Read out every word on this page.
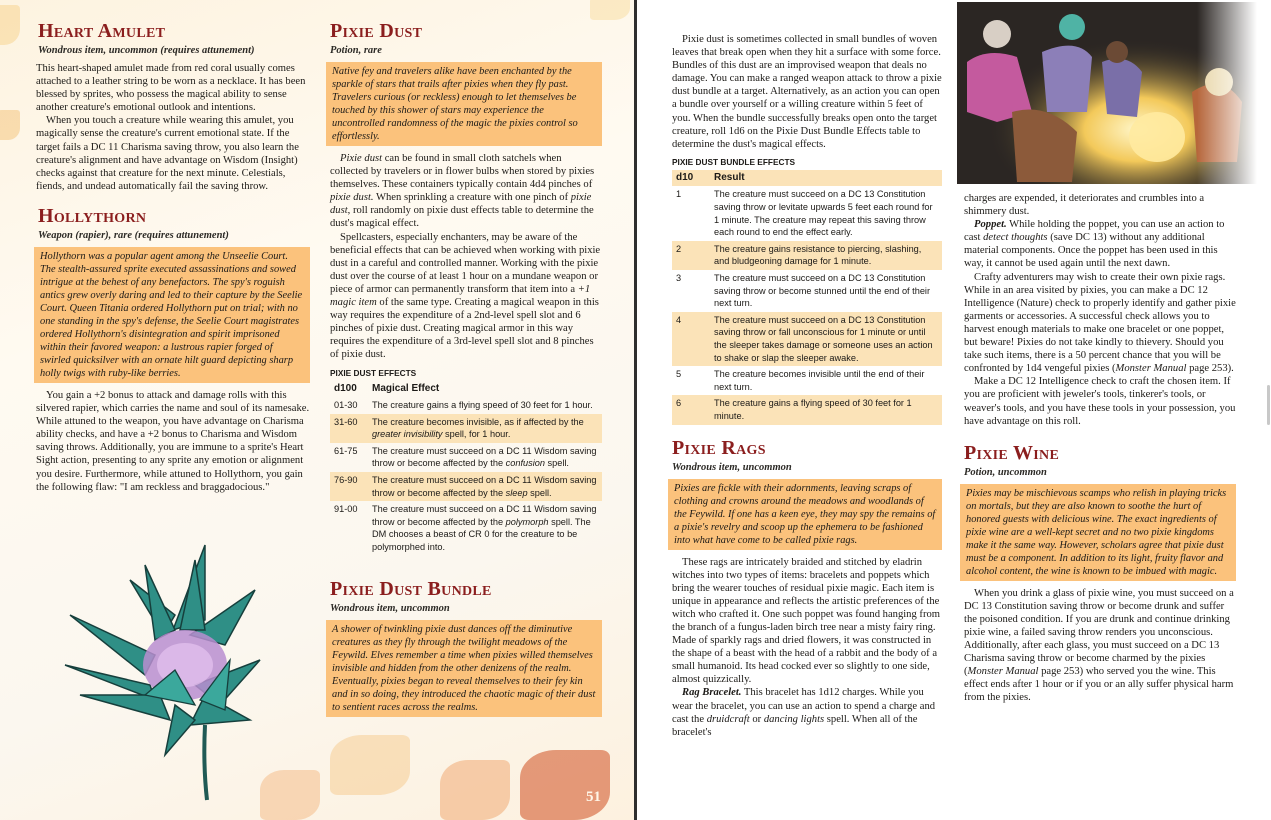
Heart Amulet
Wondrous item, uncommon (requires attunement)

This heart-shaped amulet made from red coral usually comes attached to a leather string to be worn as a necklace. It has been blessed by sprites, who possess the magical ability to sense another creature's emotional outlook and intentions.

When you touch a creature while wearing this amulet, you magically sense the creature's current emotional state. If the target fails a DC 11 Charisma saving throw, you also learn the creature's alignment and have advantage on Wisdom (Insight) checks against that creature for the next minute. Celestials, fiends, and undead automatically fail the saving throw.

Hollythorn
Weapon (rapier), rare (requires attunement)
Hollythorn was a popular agent among the Unseelie Court. The stealth-assured sprite executed assassinations and sowed intrigue at the behest of any benefactors. The spy's roguish antics grew overly daring and led to their capture by the Seelie Court. Queen Titania ordered Hollythorn put on trial; with no one standing in the spy's defense, the Seelie Court magistrates ordered Hollythorn's disintegration and spirit imprisoned within their favored weapon: a lustrous rapier forged of swirled quicksilver with an ornate hilt guard depicting sharp holly twigs with ruby-like berries.

You gain a +2 bonus to attack and damage rolls with this silvered rapier, which carries the name and soul of its namesake. While attuned to the weapon, you have advantage on Charisma ability checks, and have a +2 bonus to Charisma and Wisdom saving throws. Additionally, you are immune to a sprite's Heart Sight action, presenting to any sprite any emotion or alignment you desire. Furthermore, while attuned to Hollythorn, you gain the following flaw: "I am reckless and braggadocious."

Pixie Dust
Potion, rare
Native fey and travelers alike have been enchanted by the sparkle of stars that trails after pixies when they fly past. Travelers curious (or reckless) enough to let themselves be touched by this shower of stars may experience the uncontrolled randomness of the magic the pixies control so effortlessly.

Pixie dust can be found in small cloth satchels when collected by travelers or in flower bulbs when stored by pixies themselves. These containers typically contain 4d4 pinches of pixie dust. When sprinkling a creature with one pinch of pixie dust, roll randomly on pixie dust effects table to determine the dust's magical effect.

Spellcasters, especially enchanters, may be aware of the beneficial effects that can be achieved when working with pixie dust in a careful and controlled manner. Working with the pixie dust over the course of at least 1 hour on a mundane weapon or piece of armor can permanently transform that item into a +1 magic item of the same type. Creating a magical weapon in this way requires the expenditure of a 2nd-level spell slot and 6 pinches of pixie dust. Creating magical armor in this way requires the expenditure of a 3rd-level spell slot and 8 pinches of pixie dust.

PIXIE DUST EFFECTS
d100	Magical Effect
01-30	The creature gains a flying speed of 30 feet for 1 hour.
31-60	The creature becomes invisible, as if affected by the greater invisibility spell, for 1 hour.
61-75	The creature must succeed on a DC 11 Wisdom saving throw or become affected by the confusion spell.
76-90	The creature must succeed on a DC 11 Wisdom saving throw or become affected by the sleep spell.
91-00	The creature must succeed on a DC 11 Wisdom saving throw or become affected by the polymorph spell. The DM chooses a beast of CR 0 for the creature to be polymorphed into.
Pixie Dust Bundle
Wondrous item, uncommon
A shower of twinkling pixie dust dances off the diminutive creatures as they fly through the twilight meadows of the Feywild. Elves remember a time when pixies willed themselves invisible and hidden from the other denizens of the realm. Eventually, pixies began to reveal themselves to their fey kin and in so doing, they introduced the chaotic magic of their dust to sentient races across the realms.
51

Pixie dust is sometimes collected in small bundles of woven leaves that break open when they hit a surface with some force.

Bundles of this dust are an improvised weapon that deals no damage. You can make a ranged weapon attack to throw a pixie dust bundle at a target. Alternatively, as an action you can open a bundle over yourself or a willing creature within 5 feet of you. When the bundle successfully breaks open onto the target creature, roll 1d6 on the Pixie Dust Bundle Effects table to determine the dust's magical effects.

PIXIE DUST BUNDLE EFFECTS
d10	Result
1	The creature must succeed on a DC 13 Constitution saving throw or levitate upwards 5 feet each round for 1 minute. The creature may repeat this saving throw each round to end the effect early.
2	The creature gains resistance to piercing, slashing, and bludgeoning damage for 1 minute.
3	The creature must succeed on a DC 13 Constitution saving throw or become stunned until the end of their next turn.
4	The creature must succeed on a DC 13 Constitution saving throw or fall unconscious for 1 minute or until the sleeper takes damage or someone uses an action to shake or slap the sleeper awake.
5	The creature becomes invisible until the end of their next turn.
6	The creature gains a flying speed of 30 feet for 1 minute.
Pixie Rags
Wondrous item, uncommon
Pixies are fickle with their adornments, leaving scraps of clothing and crowns around the meadows and woodlands of the Feywild. If one has a keen eye, they may spy the remains of a pixie's revelry and scoop up the ephemera to be fashioned into what have come to be called pixie rags.

These rags are intricately braided and stitched by eladrin witches into two types of items: bracelets and poppets which bring the wearer touches of residual pixie magic. Each item is unique in appearance and reflects the artistic preferences of the witch who crafted it. One such poppet was found hanging from the branch of a fungus-laden birch tree near a misty fairy ring. Made of sparkly rags and dried flowers, it was constructed in the shape of a beast with the head of a rabbit and the body of a small humanoid. Its head cocked ever so slightly to one side, almost quizzically.

Rag Bracelet. This bracelet has 1d12 charges. While you wear the bracelet, you can use an action to spend a charge and cast the druidcraft or dancing lights spell. When all of the bracelet's

charges are expended, it deteriorates and crumbles into a shimmery dust.

Poppet. While holding the poppet, you can use an action to cast detect thoughts (save DC 13) without any additional material components. Once the poppet has been used in this way, it cannot be used again until the next dawn.

Crafty adventurers may wish to create their own pixie rags. While in an area visited by pixies, you can make a DC 12 Intelligence (Nature) check to properly identify and gather pixie garments or accessories. A successful check allows you to harvest enough materials to make one bracelet or one poppet, but beware! Pixies do not take kindly to thievery. Should you take such items, there is a 50 percent chance that you will be confronted by 1d4 vengeful pixies (Monster Manual page 253).

Make a DC 12 Intelligence check to craft the chosen item. If you are proficient with jeweler's tools, tinkerer's tools, or weaver's tools, and you have these tools in your possession, you have advantage on this roll.

Pixie Wine
Potion, uncommon
Pixies may be mischievous scamps who relish in playing tricks on mortals, but they are also known to soothe the hurt of honored guests with delicious wine. The exact ingredients of pixie wine are a well-kept secret and no two pixie kingdoms make it the same way. However, scholars agree that pixie dust must be a component. In addition to its light, fruity flavor and alcohol content, the wine is known to be imbued with magic.

When you drink a glass of pixie wine, you must succeed on a DC 13 Constitution saving throw or become drunk and suffer the poisoned condition. If you are drunk and continue drinking pixie wine, a failed saving throw renders you unconscious. Additionally, after each glass, you must succeed on a DC 13 Charisma saving throw or become charmed by the pixies (Monster Manual page 253) who served you the wine. This effect ends after 1 hour or if you or an ally suffer physical harm from the pixies.
